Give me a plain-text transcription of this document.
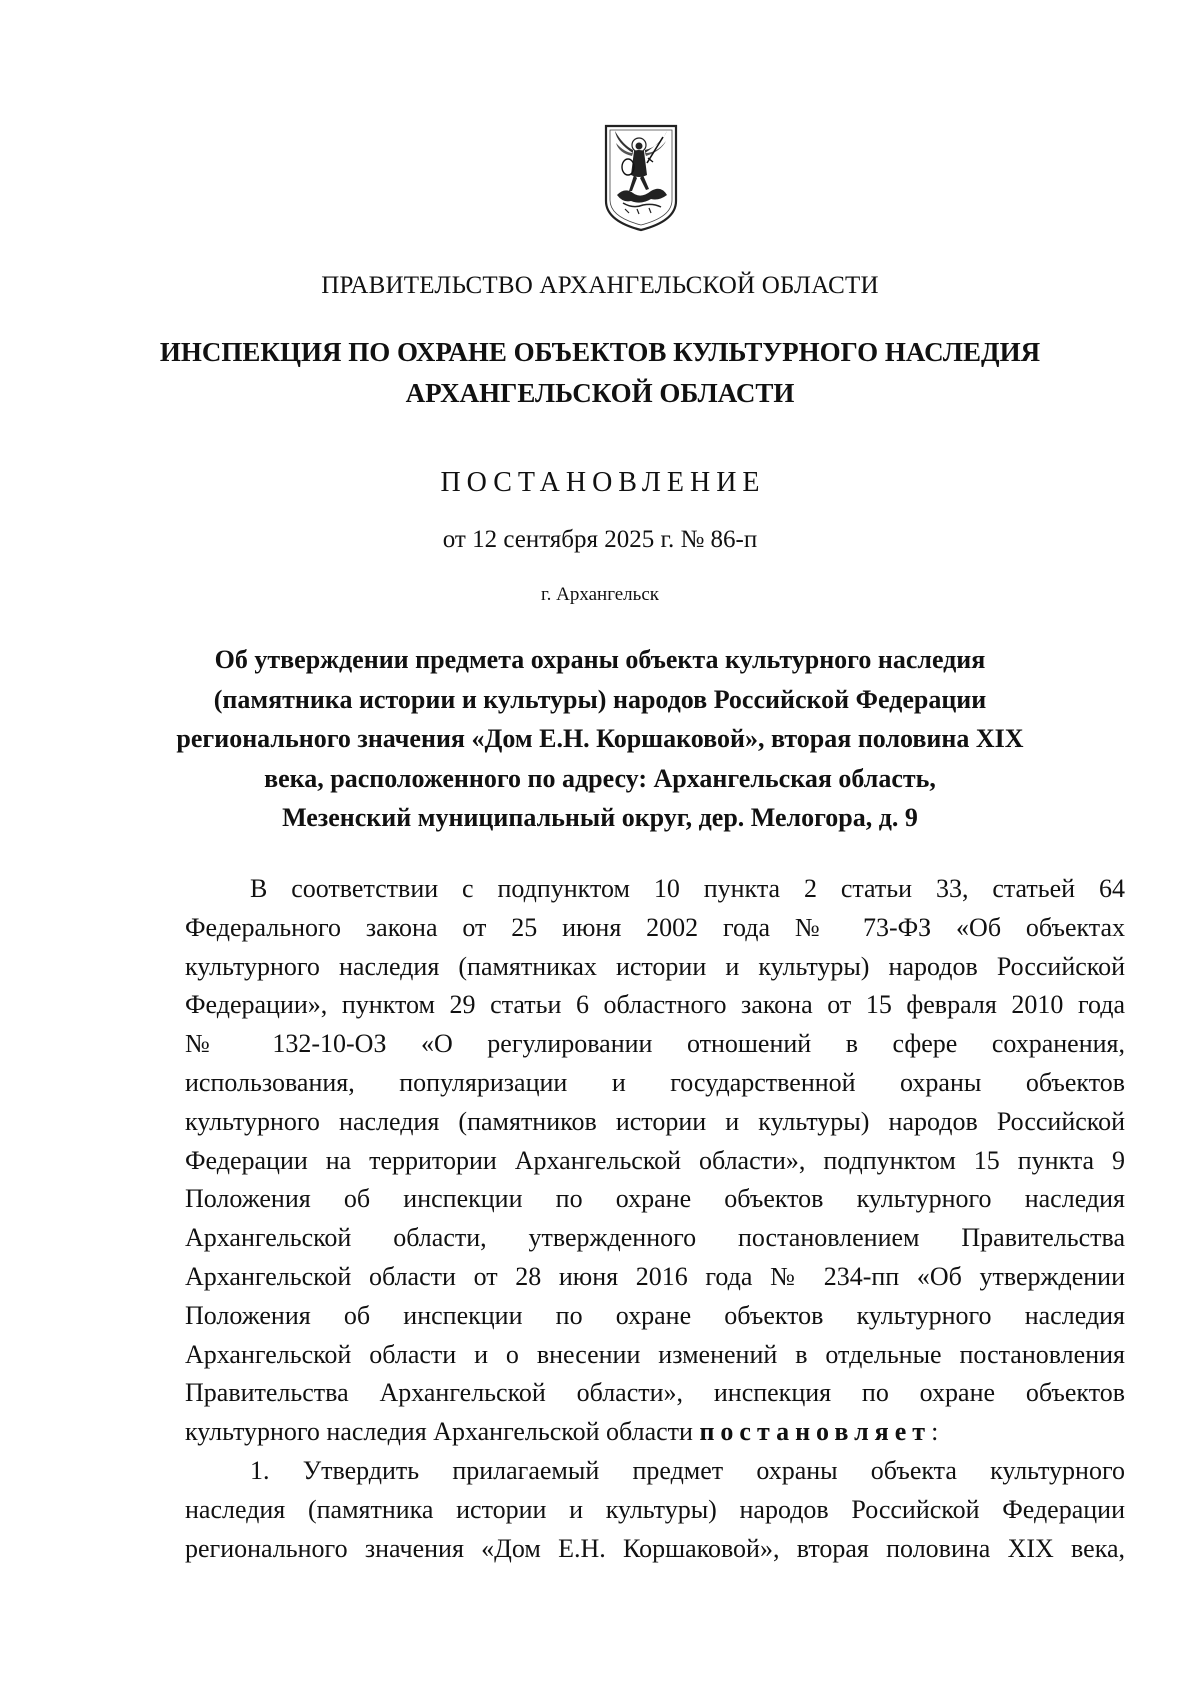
ПРАВИТЕЛЬСТВО АРХАНГЕЛЬСКОЙ ОБЛАСТИ
ИНСПЕКЦИЯ ПО ОХРАНЕ ОБЪЕКТОВ КУЛЬТУРНОГО НАСЛЕДИЯ
АРХАНГЕЛЬСКОЙ ОБЛАСТИ
ПОСТАНОВЛЕНИЕ
от 12 сентября 2025 г. № 86-п
г. Архангельск
Об утверждении предмета охраны объекта культурного наследия
(памятника истории и культуры) народов Российской Федерации
регионального значения «Дом Е.Н. Коршаковой», вторая половина XIX
века, расположенного по адресу: Архангельская область,
Мезенский муниципальный округ, дер. Мелогора, д. 9
В соответствии с подпунктом 10 пункта 2 статьи 33, статьей 64
Федерального закона от 25 июня 2002 года № 73-ФЗ «Об объектах
культурного наследия (памятниках истории и культуры) народов Российской
Федерации», пунктом 29 статьи 6 областного закона от 15 февраля 2010 года
№ 132-10-ОЗ «О регулировании отношений в сфере сохранения,
использования, популяризации и государственной охраны объектов
культурного наследия (памятников истории и культуры) народов Российской
Федерации на территории Архангельской области», подпунктом 15 пункта 9
Положения об инспекции по охране объектов культурного наследия
Архангельской области, утвержденного постановлением Правительства
Архангельской области от 28 июня 2016 года № 234-пп «Об утверждении
Положения об инспекции по охране объектов культурного наследия
Архангельской области и о внесении изменений в отдельные постановления
Правительства Архангельской области», инспекция по охране объектов
культурного наследия Архангельской области постановляет:
1. Утвердить прилагаемый предмет охраны объекта культурного
наследия (памятника истории и культуры) народов Российской Федерации
регионального значения «Дом Е.Н. Коршаковой», вторая половина XIX века,
